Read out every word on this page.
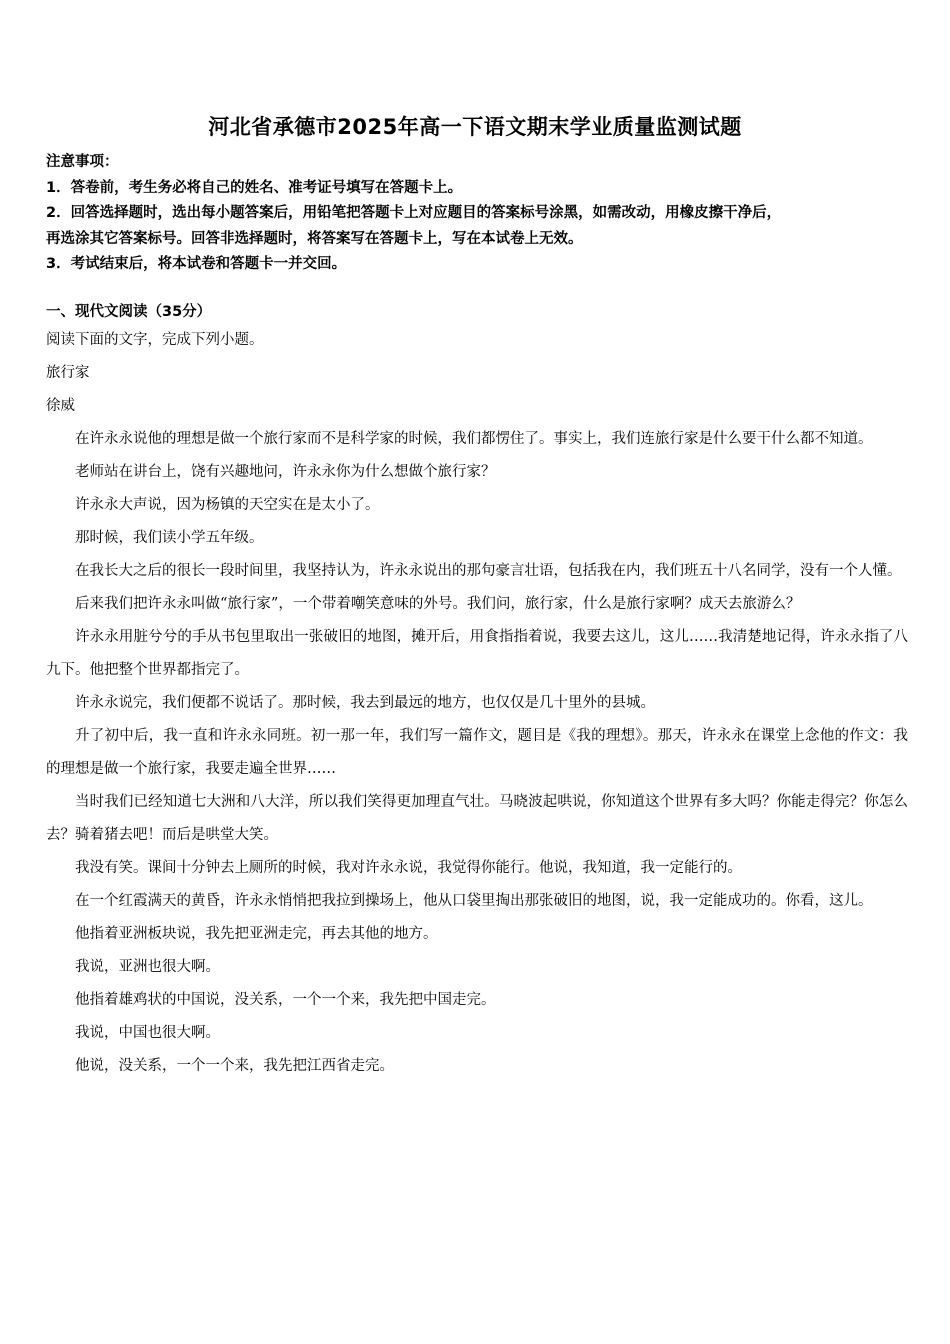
河北省承德市2025年高一下语文期末学业质量监测试题
注意事项：
1．答卷前，考生务必将自己的姓名、准考证号填写在答题卡上。
2．回答选择题时，选出每小题答案后，用铅笔把答题卡上对应题目的答案标号涂黑，如需改动，用橡皮擦干净后，
再选涂其它答案标号。回答非选择题时，将答案写在答题卡上，写在本试卷上无效。
3．考试结束后，将本试卷和答题卡一并交回。
一、现代文阅读（35分）

阅读下面的文字，完成下列小题。

旅行家

徐威

在许永永说他的理想是做一个旅行家而不是科学家的时候，我们都愣住了。事实上，我们连旅行家是什么要干什么都不知道。

老师站在讲台上，饶有兴趣地问，许永永你为什么想做个旅行家？

许永永大声说，因为杨镇的天空实在是太小了。

那时候，我们读小学五年级。

在我长大之后的很长一段时间里，我坚持认为，许永永说出的那句豪言壮语，包括我在内，我们班五十八名同学，没有一个人懂。

后来我们把许永永叫做“旅行家”，一个带着嘲笑意味的外号。我们问，旅行家，什么是旅行家啊？成天去旅游么？

许永永用脏兮兮的手从书包里取出一张破旧的地图，摊开后，用食指指着说，我要去这儿，这儿……我清楚地记得，许永永指了八九下。他把整个世界都指完了。

许永永说完，我们便都不说话了。那时候，我去到最远的地方，也仅仅是几十里外的县城。

升了初中后，我一直和许永永同班。初一那一年，我们写一篇作文，题目是《我的理想》。那天，许永永在课堂上念他的作文：我的理想是做一个旅行家，我要走遍全世界……

当时我们已经知道七大洲和八大洋，所以我们笑得更加理直气壮。马晓波起哄说，你知道这个世界有多大吗？你能走得完？你怎么去？骑着猪去吧！而后是哄堂大笑。

我没有笑。课间十分钟去上厕所的时候，我对许永永说，我觉得你能行。他说，我知道，我一定能行的。

在一个红霞满天的黄昏，许永永悄悄把我拉到操场上，他从口袋里掏出那张破旧的地图，说，我一定能成功的。你看，这儿。

他指着亚洲板块说，我先把亚洲走完，再去其他的地方。

我说，亚洲也很大啊。

他指着雄鸡状的中国说，没关系，一个一个来，我先把中国走完。

我说，中国也很大啊。

他说，没关系，一个一个来，我先把江西省走完。
